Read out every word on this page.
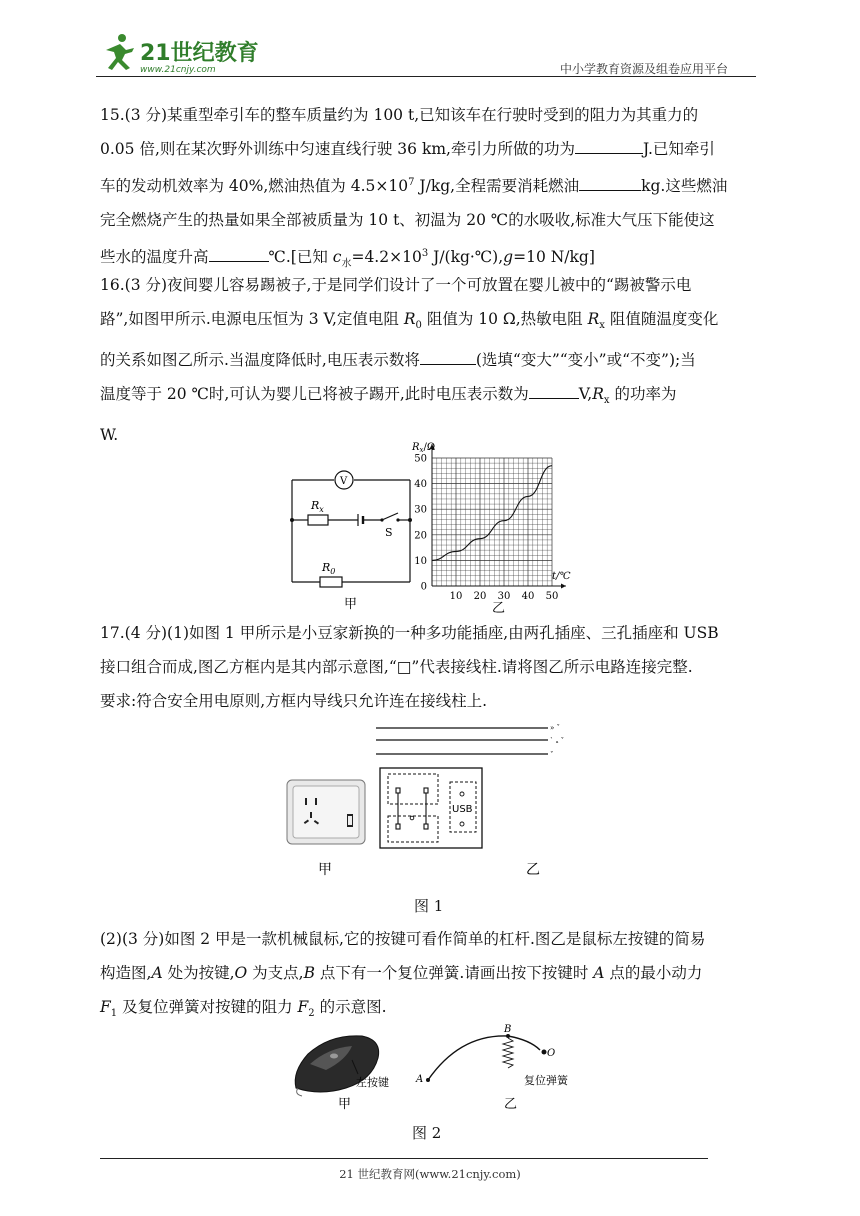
21世纪教育
www.21cnjy.com	中小学教育资源及组卷应用平台

15.(3 分)某重型牵引车的整车质量约为 100 t,已知该车在行驶时受到的阻力为其重力的

0.05 倍,则在某次野外训练中匀速直线行驶 36 km,牵引力所做的功为	J.已知牵引

车的发动机效率为 40%,燃油热值为 $4.5\times 10^7$ J/kg,全程需要消耗燃油	kg.这些燃油

完全燃烧产生的热量如果全部被质量为 10 t、初温为 20 ℃的水吸收,标准大气压下能使这

些水的温度升高	℃.[已知 $c_水=4.2\times 10^3$ J/(kg·℃),g=10 N/kg]

16.(3 分)夜间婴儿容易踢被子,于是同学们设计了一个可放置在婴儿被中的“踢被警示电

路”,如图甲所示.电源电压恒为 3 V,定值电阻 $R_0$ 阻值为 10 Ω,热敏电阻 $R_x$ 阻值随温度变化

的关系如图乙所示.当温度降低时,电压表示数将	(选填“变大”“变小”或“不变”);当

温度等于 20 ℃时,可认为婴儿已将被子踢开,此时电压表示数为	$V,R_x$ 的功率为

W.

V
$R_x$
S
$R_0$
甲
10 20 30 40 50
0
10
20
30
40
50
$R_x/\Omega$
t/℃
乙

17.(4 分)(1)如图 1 甲所示是小豆家新换的一种多功能插座,由两孔插座、三孔插座和 USB

接口组合而成,图乙方框内是其内部示意图,“□”代表接线柱.请将图乙所示电路连接完整.

要求:符合安全用电原则,方框内导线只允许连在接线柱上.

» ˇ
ˋ ₐ ˇ
ˇ
USB
甲	乙
图 1

(2)(3 分)如图 2 甲是一款机械鼠标,它的按键可看作简单的杠杆.图乙是鼠标左按键的简易

构造图,A 处为按键,O 为支点,B 点下有一个复位弹簧.请画出按下按键时 A 点的最小动力

$F_1$ 及复位弹簧对按键的阻力 $F_2$ 的示意图.

左按键
甲
A
B
O
复位弹簧
乙
图 2
21 世纪教育网(www.21cnjy.com)
